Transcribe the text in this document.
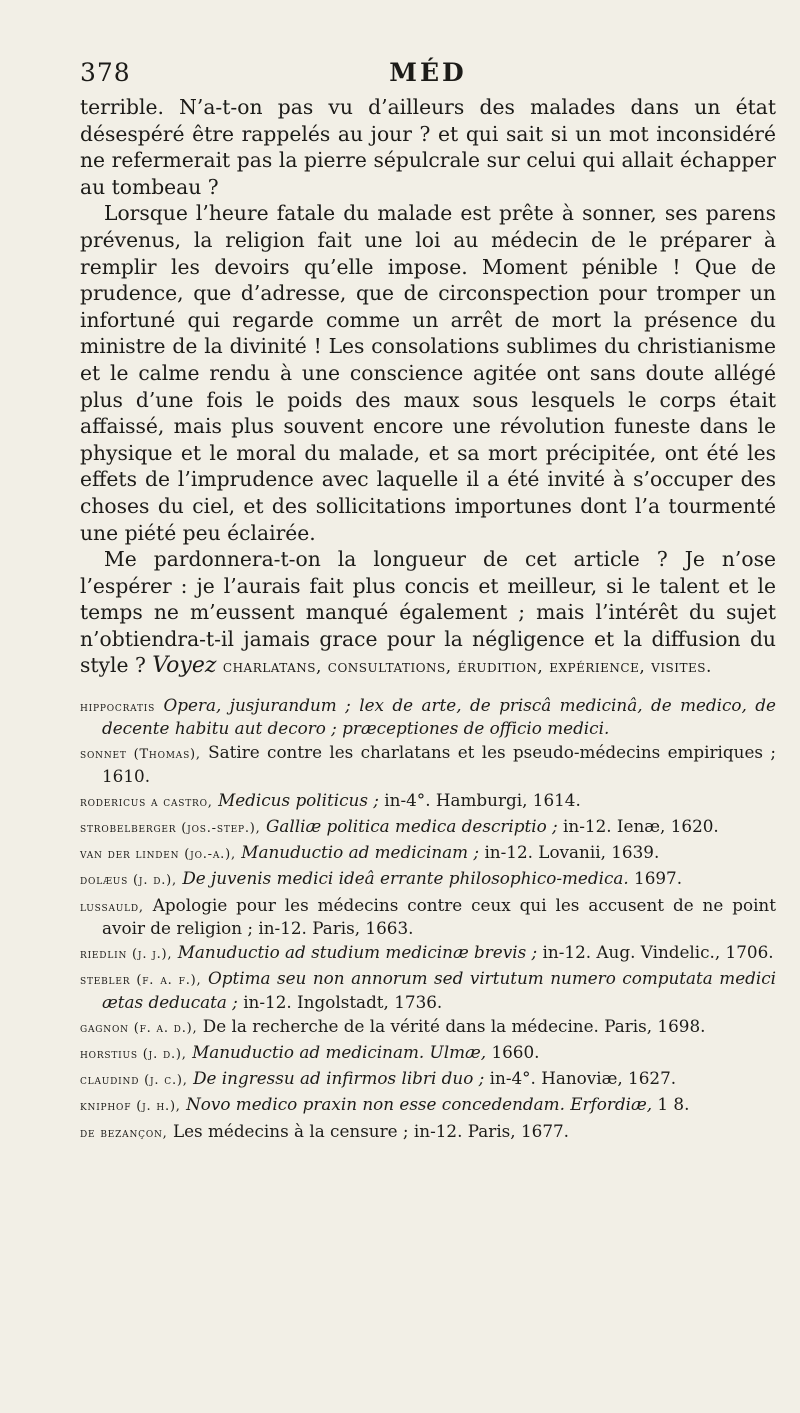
378	MÉD

terrible. N’a-t-on pas vu d’ailleurs des malades dans un état désespéré être rappelés au jour ? et qui sait si un mot inconsidéré ne refermerait pas la pierre sépulcrale sur celui qui allait échapper au tombeau ?

Lorsque l’heure fatale du malade est prête à sonner, ses parens prévenus, la religion fait une loi au médecin de le préparer à remplir les devoirs qu’elle impose. Moment pénible ! Que de prudence, que d’adresse, que de circonspection pour tromper un infortuné qui regarde comme un arrêt de mort la présence du ministre de la divinité ! Les consolations sublimes du christianisme et le calme rendu à une conscience agitée ont sans doute allégé plus d’une fois le poids des maux sous lesquels le corps était affaissé, mais plus souvent encore une révolution funeste dans le physique et le moral du malade, et sa mort précipitée, ont été les effets de l’imprudence avec laquelle il a été invité à s’occuper des choses du ciel, et des sollicitations importunes dont l’a tourmenté une piété peu éclairée.

Me pardonnera-t-on la longueur de cet article ? Je n’ose l’espérer : je l’aurais fait plus concis et meilleur, si le talent et le temps ne m’eussent manqué également ; mais l’intérêt du sujet n’obtiendra-t-il jamais grace pour la négligence et la diffusion du style ? Voyez charlatans, consultations, érudition, expérience, visites.

hippocratis Opera, jusjurandum ; lex de arte, de priscâ medicinâ, de medico, de decente habitu aut decoro ; præceptiones de officio medici.

sonnet (Thomas), Satire contre les charlatans et les pseudo-médecins empiriques ; 1610.

rodericus a castro, Medicus politicus ; in-4°. Hamburgi, 1614.

strobelberger (jos.-step.), Galliæ politica medica descriptio ; in-12. Ienæ, 1620.

van der linden (jo.-a.), Manuductio ad medicinam ; in-12. Lovanii, 1639.

dolæus (j. d.), De juvenis medici ideâ errante philosophico-medica. 1697.

lussauld, Apologie pour les médecins contre ceux qui les accusent de ne point avoir de religion ; in-12. Paris, 1663.

riedlin (j. j.), Manuductio ad studium medicinæ brevis ; in-12. Aug. Vindelic., 1706.

stebler (f. a. f.), Optima seu non annorum sed virtutum numero computata medici ætas deducata ; in-12. Ingolstadt, 1736.

gagnon (f. a. d.), De la recherche de la vérité dans la médecine. Paris, 1698.

horstius (j. d.), Manuductio ad medicinam. Ulmæ, 1660.

claudind (j. c.), De ingressu ad infirmos libri duo ; in-4°. Hanoviæ, 1627.

kniphof (j. h.), Novo medico praxin non esse concedendam. Erfordiæ, 1 8.

de bezançon, Les médecins à la censure ; in-12. Paris, 1677.
